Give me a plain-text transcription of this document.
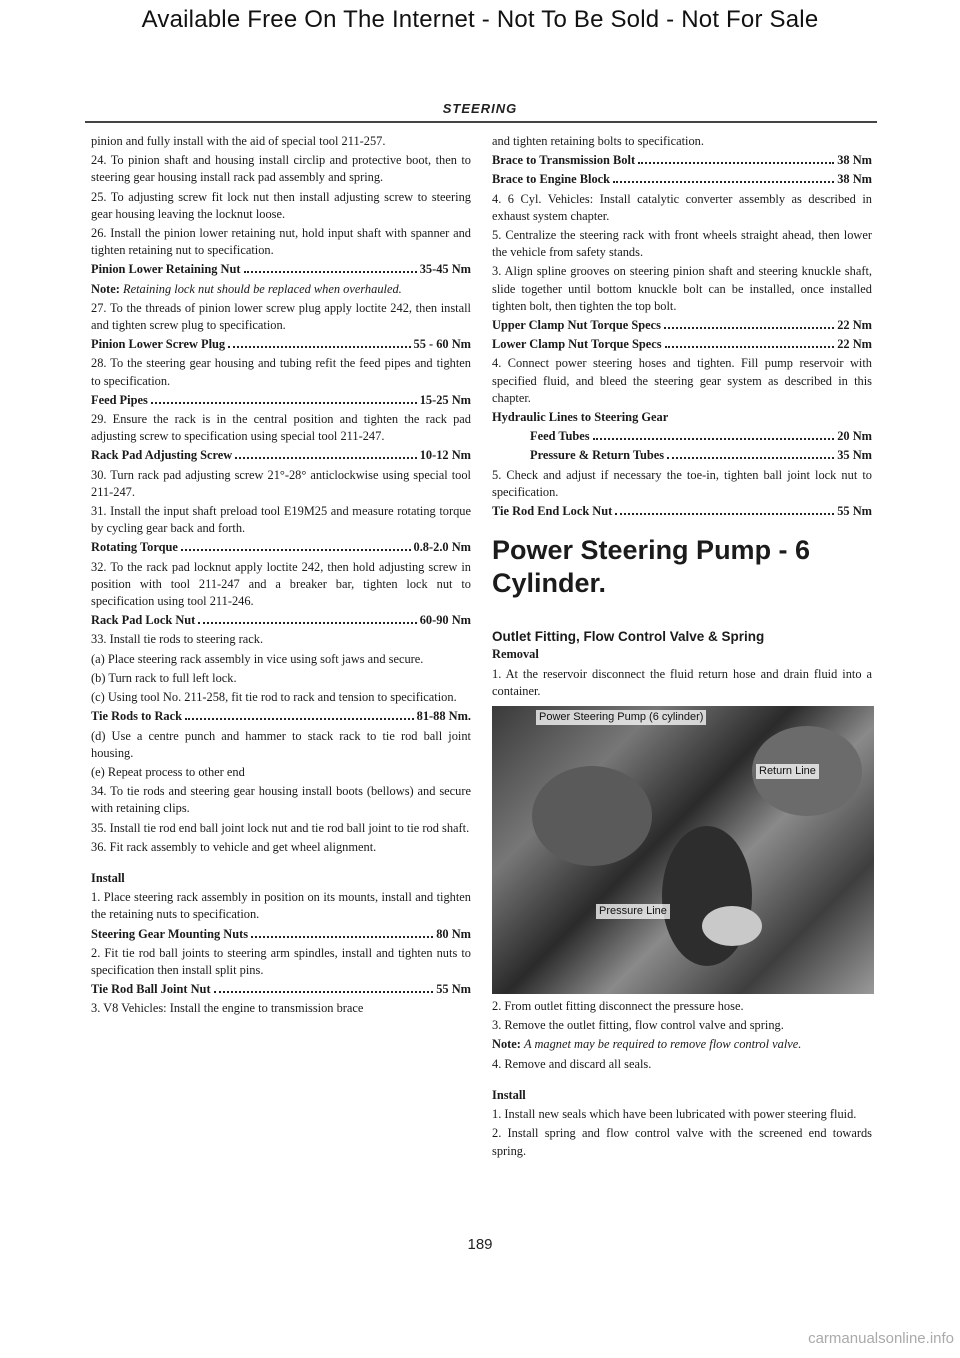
Available Free On The Internet - Not To Be Sold - Not For Sale
STEERING

pinion and fully install with the aid of special tool 211-257.

24. To pinion shaft and housing install circlip and protective boot, then to steering gear housing install rack pad assembly and spring.

25. To adjusting screw fit lock nut then install adjusting screw to steering gear housing leaving the locknut loose.

26. Install the pinion lower retaining nut, hold input shaft with spanner and tighten retaining nut to specification.

Pinion Lower Retaining Nut	35-45 Nm

Note: Retaining lock nut should be replaced when overhauled.

27. To the threads of pinion lower screw plug apply loctite 242, then install and tighten screw plug to specification.

Pinion Lower Screw Plug	55 - 60 Nm

28. To the steering gear housing and tubing refit the feed pipes and tighten to specification.

Feed Pipes	15-25 Nm

29. Ensure the rack is in the central position and tighten the rack pad adjusting screw to specification using special tool 211-247.

Rack Pad Adjusting Screw	10-12 Nm

30. Turn rack pad adjusting screw 21°-28° anticlockwise using special tool 211-247.

31. Install the input shaft preload tool E19M25 and measure rotating torque by cycling gear back and forth.

Rotating Torque	0.8-2.0 Nm

32. To the rack pad locknut apply loctite 242, then hold adjusting screw in position with tool 211-247 and a breaker bar, tighten lock nut to specification using tool 211-246.

Rack Pad Lock Nut	60-90 Nm

33. Install tie rods to steering rack.

(a) Place steering rack assembly in vice using soft jaws and secure.

(b) Turn rack to full left lock.

(c) Using tool No. 211-258, fit tie rod to rack and tension to specification.

Tie Rods to Rack	81-88 Nm.

(d) Use a centre punch and hammer to stack rack to tie rod ball joint housing.

(e) Repeat process to other end

34. To tie rods and steering gear housing install boots (bellows) and secure with retaining clips.

35. Install tie rod end ball joint lock nut and tie rod ball joint to tie rod shaft.

36. Fit rack assembly to vehicle and get wheel alignment.

Install

1. Place steering rack assembly in position on its mounts, install and tighten the retaining nuts to specification.

Steering Gear Mounting Nuts	80 Nm

2. Fit tie rod ball joints to steering arm spindles, install and tighten nuts to specification then install split pins.

Tie Rod Ball Joint Nut	55 Nm

3. V8 Vehicles: Install the engine to transmission brace

and tighten retaining bolts to specification.

Brace to Transmission Bolt	38 Nm
Brace to Engine Block	38 Nm

4. 6 Cyl. Vehicles: Install catalytic converter assembly as described in exhaust system chapter.

5. Centralize the steering rack with front wheels straight ahead, then lower the vehicle from safety stands.

3. Align spline grooves on steering pinion shaft and steering knuckle shaft, slide together until bottom knuckle bolt can be installed, once installed tighten bolt, then tighten the top bolt.

Upper Clamp Nut Torque Specs	22 Nm
Lower Clamp Nut Torque Specs	22 Nm

4. Connect power steering hoses and tighten. Fill pump reservoir with specified fluid, and bleed the steering gear system as described in this chapter.

Hydraulic Lines to Steering Gear

Feed Tubes	20 Nm
Pressure & Return Tubes	35 Nm

5. Check and adjust if necessary the toe-in, tighten ball joint lock nut to specification.

Tie Rod End Lock Nut	55 Nm
Power Steering Pump - 6 Cylinder.
Outlet Fitting, Flow Control Valve & Spring

Removal

1. At the reservoir disconnect the fluid return hose and drain fluid into a container.

Power Steering Pump (6 cylinder)
Return Line
Pressure Line

2. From outlet fitting disconnect the pressure hose.

3. Remove the outlet fitting, flow control valve and spring.

Note: A magnet may be required to remove flow control valve.

4. Remove and discard all seals.

Install

1. Install new seals which have been lubricated with power steering fluid.

2. Install spring and flow control valve with the screened end towards spring.

189
carmanualsonline.info
